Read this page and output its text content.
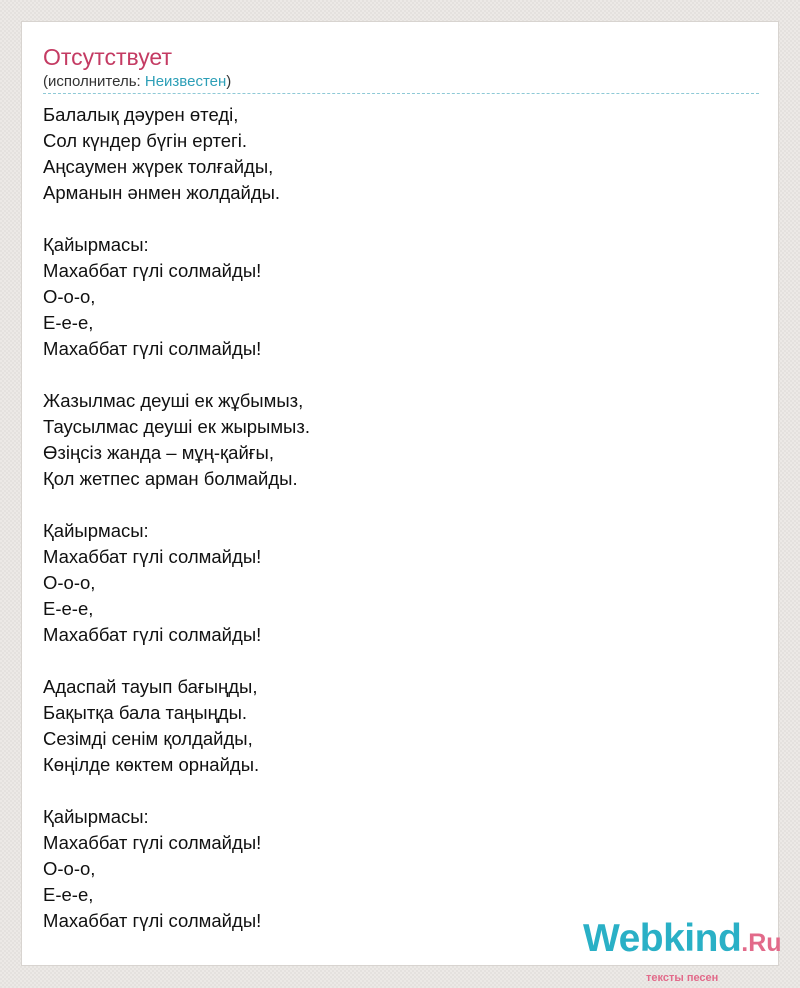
Отсутствует
(исполнитель: Неизвестен)
Балалық дәурен өтеді,
Сол күндер бүгін ертегі.
Аңсаумен жүрек толғайды,
Арманын әнмен жолдайды.
Қайырмасы:
Махаббат гүлі солмайды!
О-о-о,
Е-е-е,
Махаббат гүлі солмайды!
Жазылмас деуші ек жұбымыз,
Таусылмас деуші ек жырымыз.
Өзіңсіз жанда – мұң-қайғы,
Қол жетпес арман болмайды.
Қайырмасы:
Махаббат гүлі солмайды!
О-о-о,
Е-е-е,
Махаббат гүлі солмайды!
Адаспай тауып бағыңды,
Бақытқа бала таңыңды.
Сезімді сенім қолдайды,
Көңілде көктем орнайды.
Қайырмасы:
Махаббат гүлі солмайды!
О-о-о,
Е-е-е,
Махаббат гүлі солмайды!	Webkind.Ru
тексты песен
